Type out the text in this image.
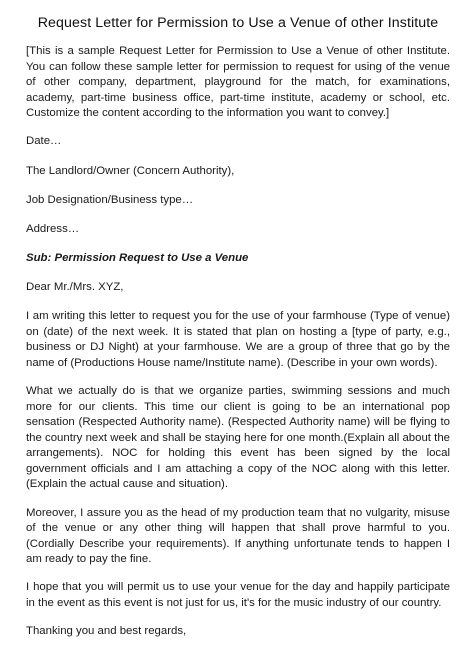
Request Letter for Permission to Use a Venue of other Institute

[This is a sample Request Letter for Permission to Use a Venue of other Institute. You can follow these sample letter for permission to request for using of the venue of other company, department, playground for the match, for examinations, academy, part-time business office, part-time institute, academy or school, etc. Customize the content according to the information you want to convey.]

Date…

The Landlord/Owner (Concern Authority),

Job Designation/Business type…

Address…

Sub: Permission Request to Use a Venue

Dear Mr./Mrs. XYZ,

I am writing this letter to request you for the use of your farmhouse (Type of venue) on (date) of the next week. It is stated that plan on hosting a [type of party, e.g., business or DJ Night) at your farmhouse. We are a group of three that go by the name of (Productions House name/Institute name). (Describe in your own words).

What we actually do is that we organize parties, swimming sessions and much more for our clients. This time our client is going to be an international pop sensation (Respected Authority name). (Respected Authority name) will be flying to the country next week and shall be staying here for one month.(Explain all about the arrangements). NOC for holding this event has been signed by the local government officials and I am attaching a copy of the NOC along with this letter. (Explain the actual cause and situation).

Moreover, I assure you as the head of my production team that no vulgarity, misuse of the venue or any other thing will happen that shall prove harmful to you. (Cordially Describe your requirements). If anything unfortunate tends to happen I am ready to pay the fine.

I hope that you will permit us to use your venue for the day and happily participate in the event as this event is not just for us, it's for the music industry of our country.

Thanking you and best regards,
